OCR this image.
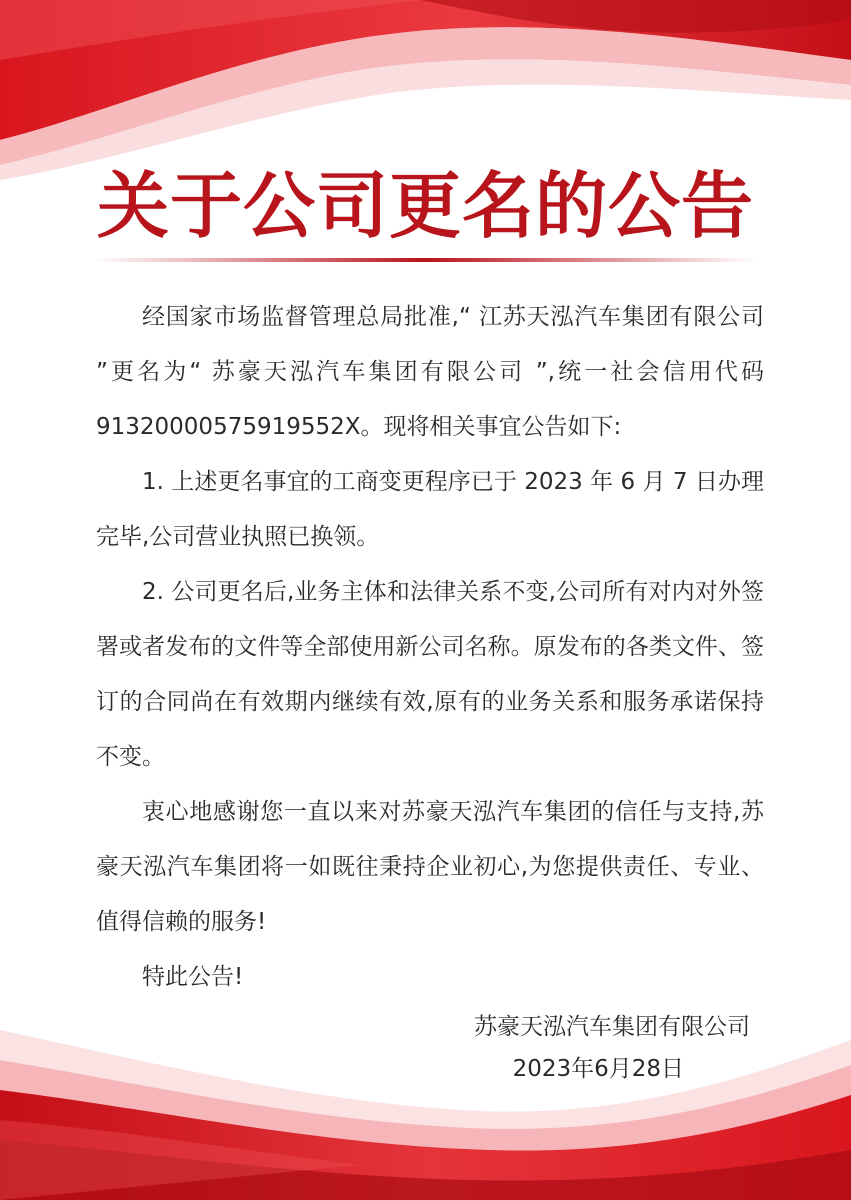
关于公司更名的公告

经国家市场监督管理总局批准,“ 江苏天泓汽车集团有限公司 ”更名为“ 苏豪天泓汽车集团有限公司 ”,统一社会信用代码 91320000575919552X。现将相关事宜公告如下:

1. 上述更名事宜的工商变更程序已于 2023 年 6 月 7 日办理完毕,公司营业执照已换领。

2. 公司更名后,业务主体和法律关系不变,公司所有对内对外签署或者发布的文件等全部使用新公司名称。原发布的各类文件、签订的合同尚在有效期内继续有效,原有的业务关系和服务承诺保持不变。

衷心地感谢您一直以来对苏豪天泓汽车集团的信任与支持,苏豪天泓汽车集团将一如既往秉持企业初心,为您提供责任、专业、值得信赖的服务!

特此公告!

苏豪天泓汽车集团有限公司
2023年6月28日
